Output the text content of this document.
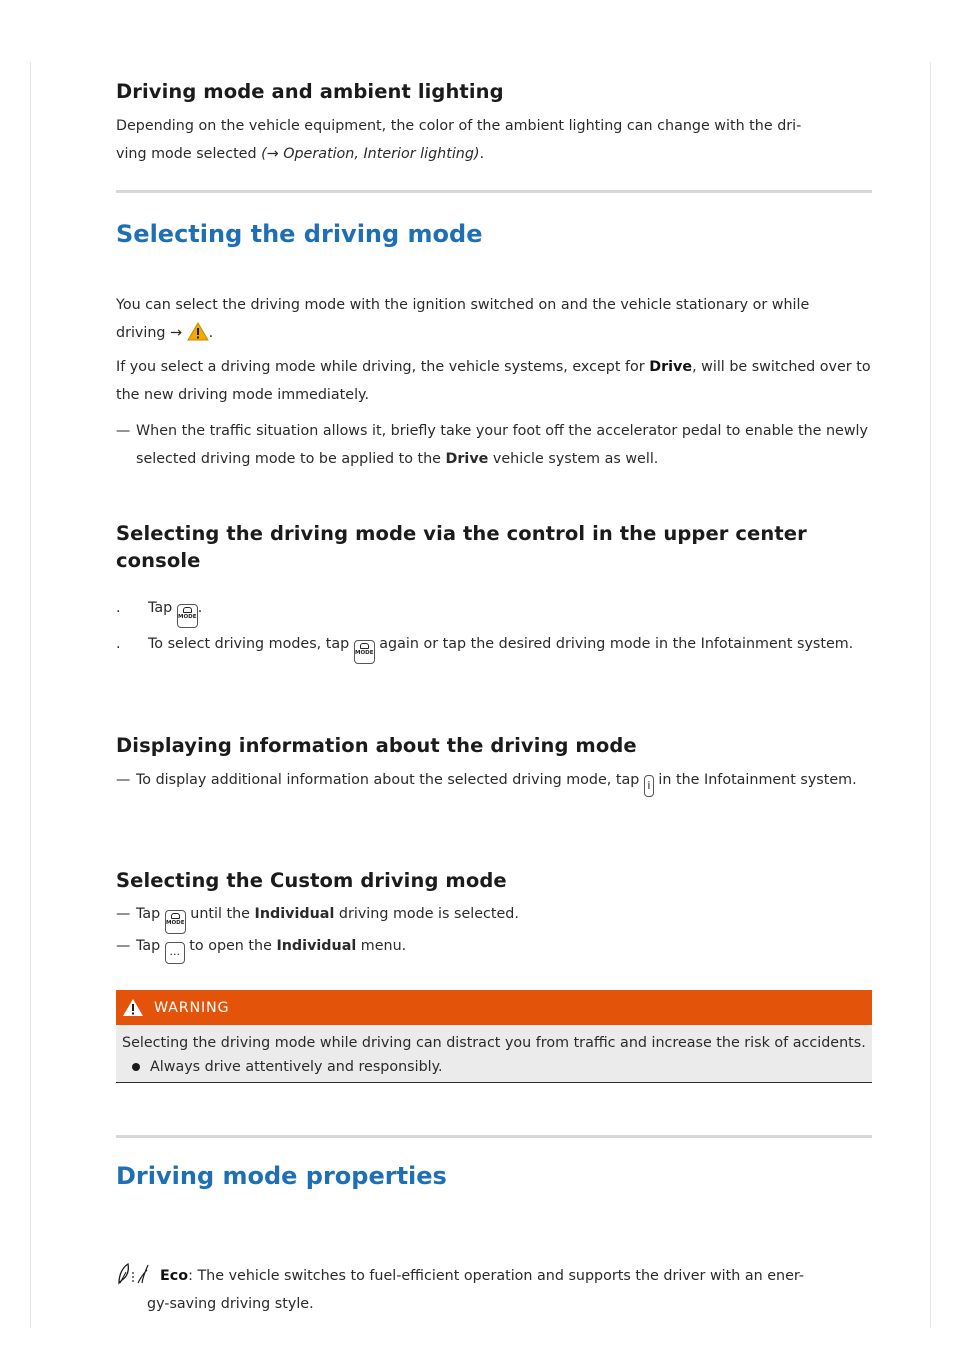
Driving mode and ambient lighting

Depending on the vehicle equipment, the color of the ambient lighting can change with the dri-
ving mode selected (→ Operation, Interior lighting).

Selecting the driving mode

You can select the driving mode with the ignition switched on and the vehicle stationary or while
driving → .

If you select a driving mode while driving, the vehicle systems, except for Drive, will be switched over to the new driving mode immediately.

— When the traffic situation allows it, briefly take your foot off the accelerator pedal to enable the newly selected driving mode to be applied to the Drive vehicle system as well.
Selecting the driving mode via the control in the upper center console
.	Tap
MODE.
.	To select driving modes, tap
MODE again or tap the desired driving mode in the Infotainment system.
Displaying information about the driving mode
— To display additional information about the selected driving mode, tap i in the Infotainment system.
Selecting the Custom driving mode
— Tap
MODE until the Individual driving mode is selected.
— Tap ... to open the Individual menu.
WARNING

Selecting the driving mode while driving can distract you from traffic and increase the risk of accidents.

Always drive attentively and responsibly.
Driving mode properties

Eco: The vehicle switches to fuel-efficient operation and supports the driver with an ener-

gy-saving driving style.
